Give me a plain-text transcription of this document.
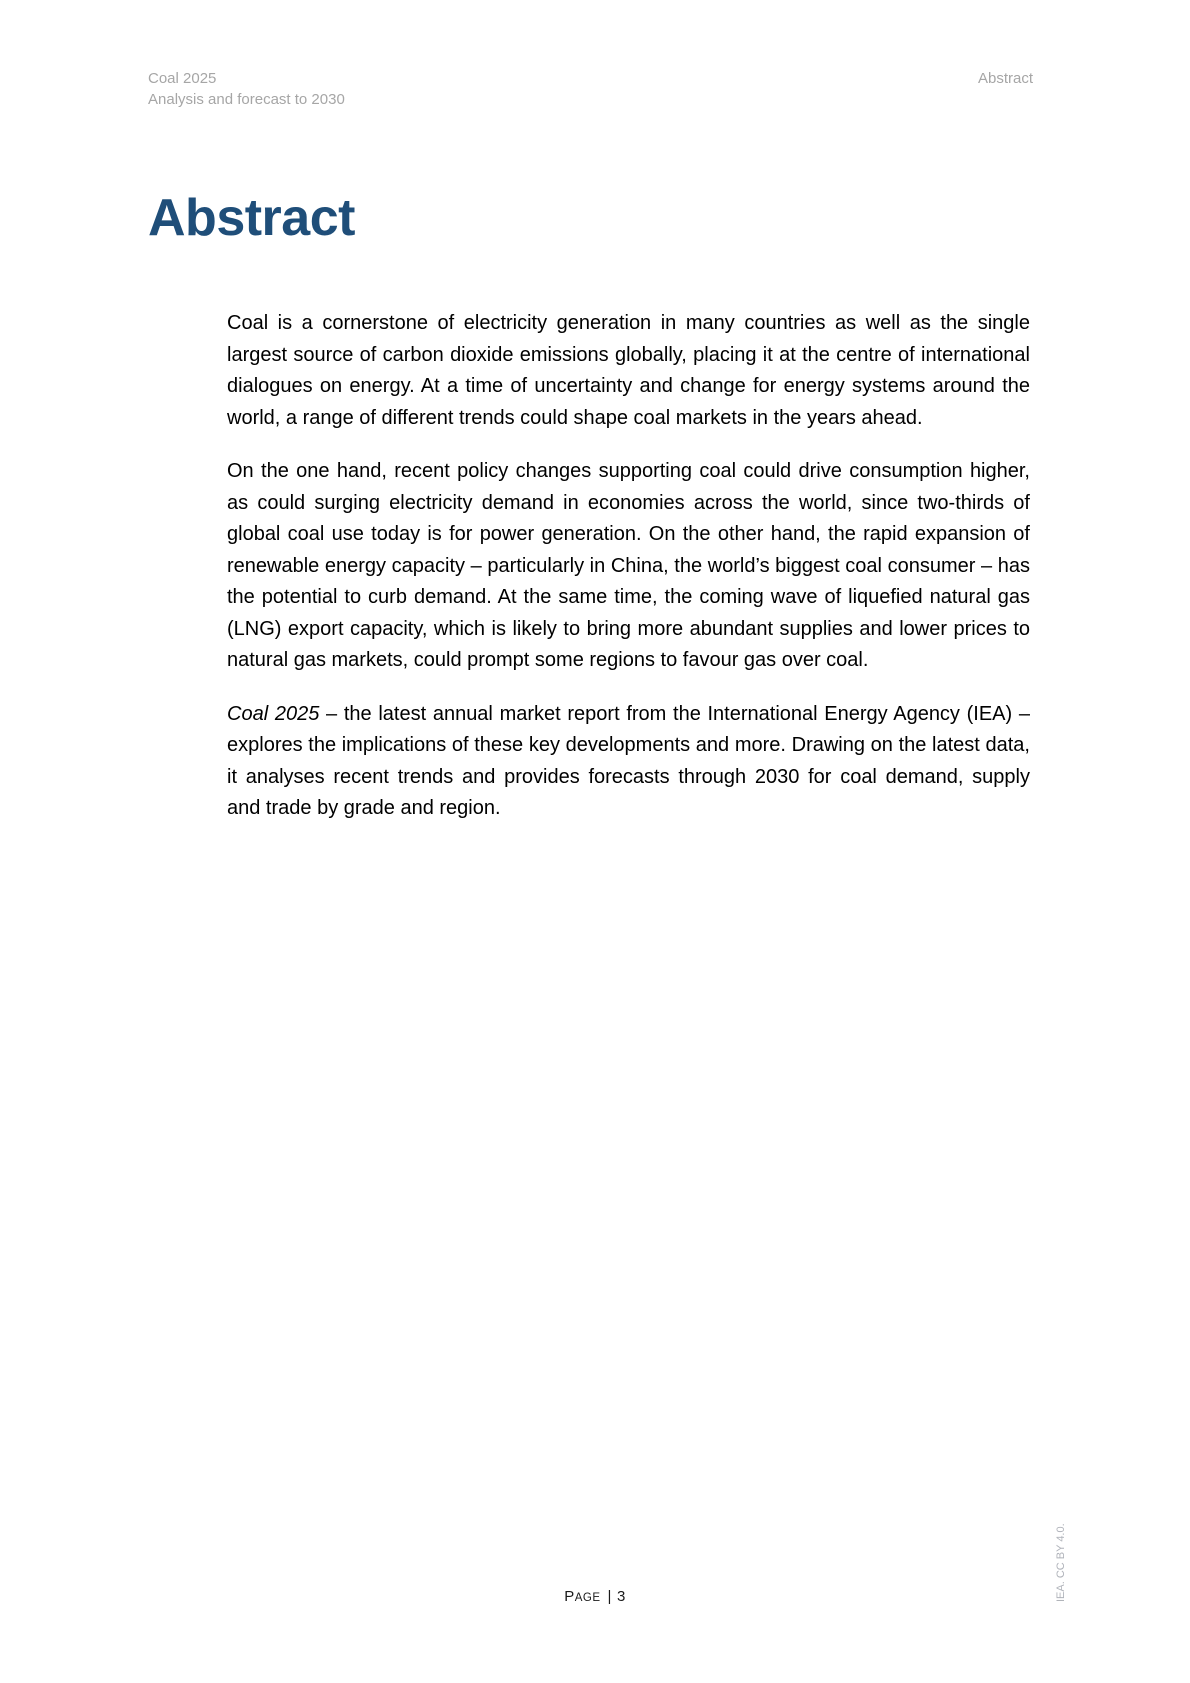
Coal 2025
Analysis and forecast to 2030
Abstract
Abstract

Coal is a cornerstone of electricity generation in many countries as well as the single largest source of carbon dioxide emissions globally, placing it at the centre of international dialogues on energy. At a time of uncertainty and change for energy systems around the world, a range of different trends could shape coal markets in the years ahead.

On the one hand, recent policy changes supporting coal could drive consumption higher, as could surging electricity demand in economies across the world, since two-thirds of global coal use today is for power generation. On the other hand, the rapid expansion of renewable energy capacity – particularly in China, the world’s biggest coal consumer – has the potential to curb demand. At the same time, the coming wave of liquefied natural gas (LNG) export capacity, which is likely to bring more abundant supplies and lower prices to natural gas markets, could prompt some regions to favour gas over coal.

Coal 2025 – the latest annual market report from the International Energy Agency (IEA) – explores the implications of these key developments and more. Drawing on the latest data, it analyses recent trends and provides forecasts through 2030 for coal demand, supply and trade by grade and region.

PAGE | 3	IEA. CC BY 4.0.
